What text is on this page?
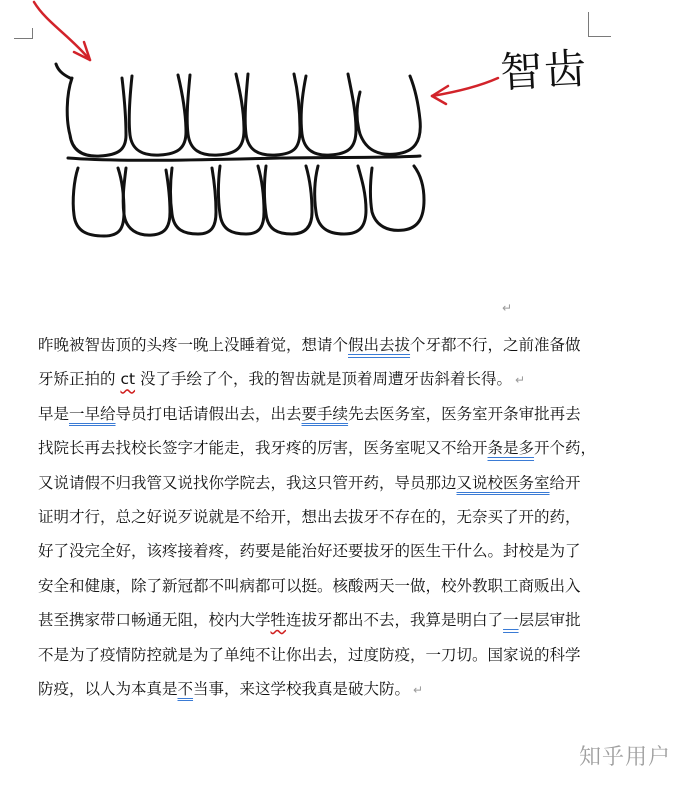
智齿
↵
昨晚被智齿顶的头疼一晚上没睡着觉，想请个假出去拔个牙都不行，之前准备做
牙矫正拍的 ct 没了手绘了个，我的智齿就是顶着周遭牙齿斜着长得。 ↵
早是一早给导员打电话请假出去，出去要手续先去医务室，医务室开条审批再去
找院长再去找校长签字才能走，我牙疼的厉害，医务室呢又不给开条是多开个药，
又说请假不归我管又说找你学院去，我这只管开药，导员那边又说校医务室给开
证明才行，总之好说歹说就是不给开，想出去拔牙不存在的，无奈买了开的药，
好了没完全好，该疼接着疼，药要是能治好还要拔牙的医生干什么。封校是为了
安全和健康，除了新冠都不叫病都可以挺。核酸两天一做，校外教职工商贩出入
甚至携家带口畅通无阻，校内大学牲连拔牙都出不去，我算是明白了一层层审批
不是为了疫情防控就是为了单纯不让你出去，过度防疫，一刀切。国家说的科学
防疫，以人为本真是不当事，来这学校我真是破大防。 ↵
知乎用户
